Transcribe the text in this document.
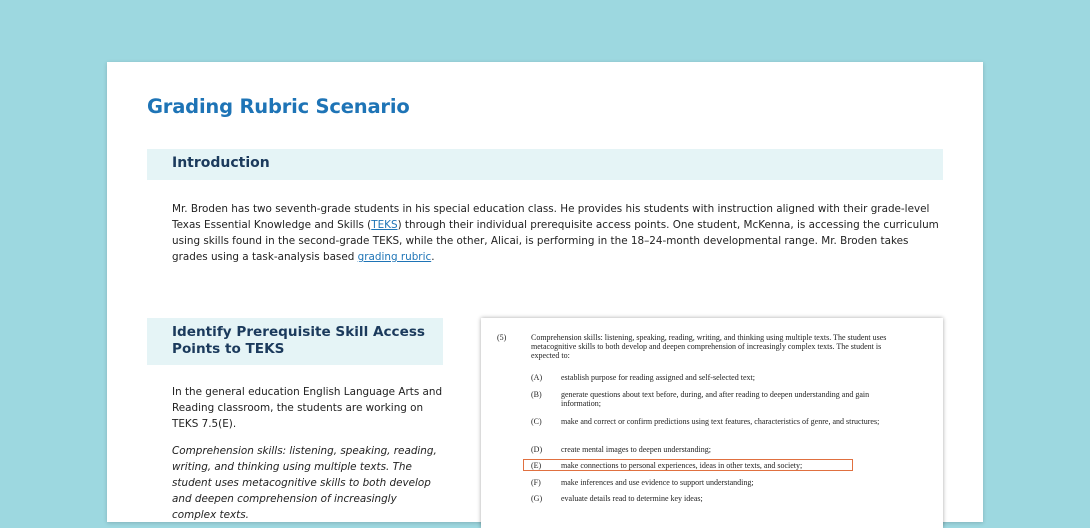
Grading Rubric Scenario
Introduction

Mr. Broden has two seventh-grade students in his special education class. He provides his students with instruction aligned with their grade-level Texas Essential Knowledge and Skills (TEKS) through their individual prerequisite access points. One student, McKenna, is accessing the curriculum using skills found in the second-grade TEKS, while the other, Alicai, is performing in the 18–24-month developmental range. Mr. Broden takes grades using a task-analysis based grading rubric.

Identify Prerequisite Skill Access Points to TEKS

In the general education English Language Arts and Reading classroom, the students are working on TEKS 7.5(E).

Comprehension skills: listening, speaking, reading, writing, and thinking using multiple texts. The student uses metacognitive skills to both develop and deepen comprehension of increasingly complex texts.

(5)	Comprehension skills: listening, speaking, reading, writing, and thinking using multiple texts. The student uses metacognitive skills to both develop and deepen comprehension of increasingly complex texts. The student is expected to:

(A) establish purpose for reading assigned and self-selected text;
(B) generate questions about text before, during, and after reading to deepen understanding and gain information;
(C) make and correct or confirm predictions using text features, characteristics of genre, and structures;
(D) create mental images to deepen understanding;
(E) make connections to personal experiences, ideas in other texts, and society;
(F)	make inferences and use evidence to support understanding;
(G) evaluate details read to determine key ideas;
